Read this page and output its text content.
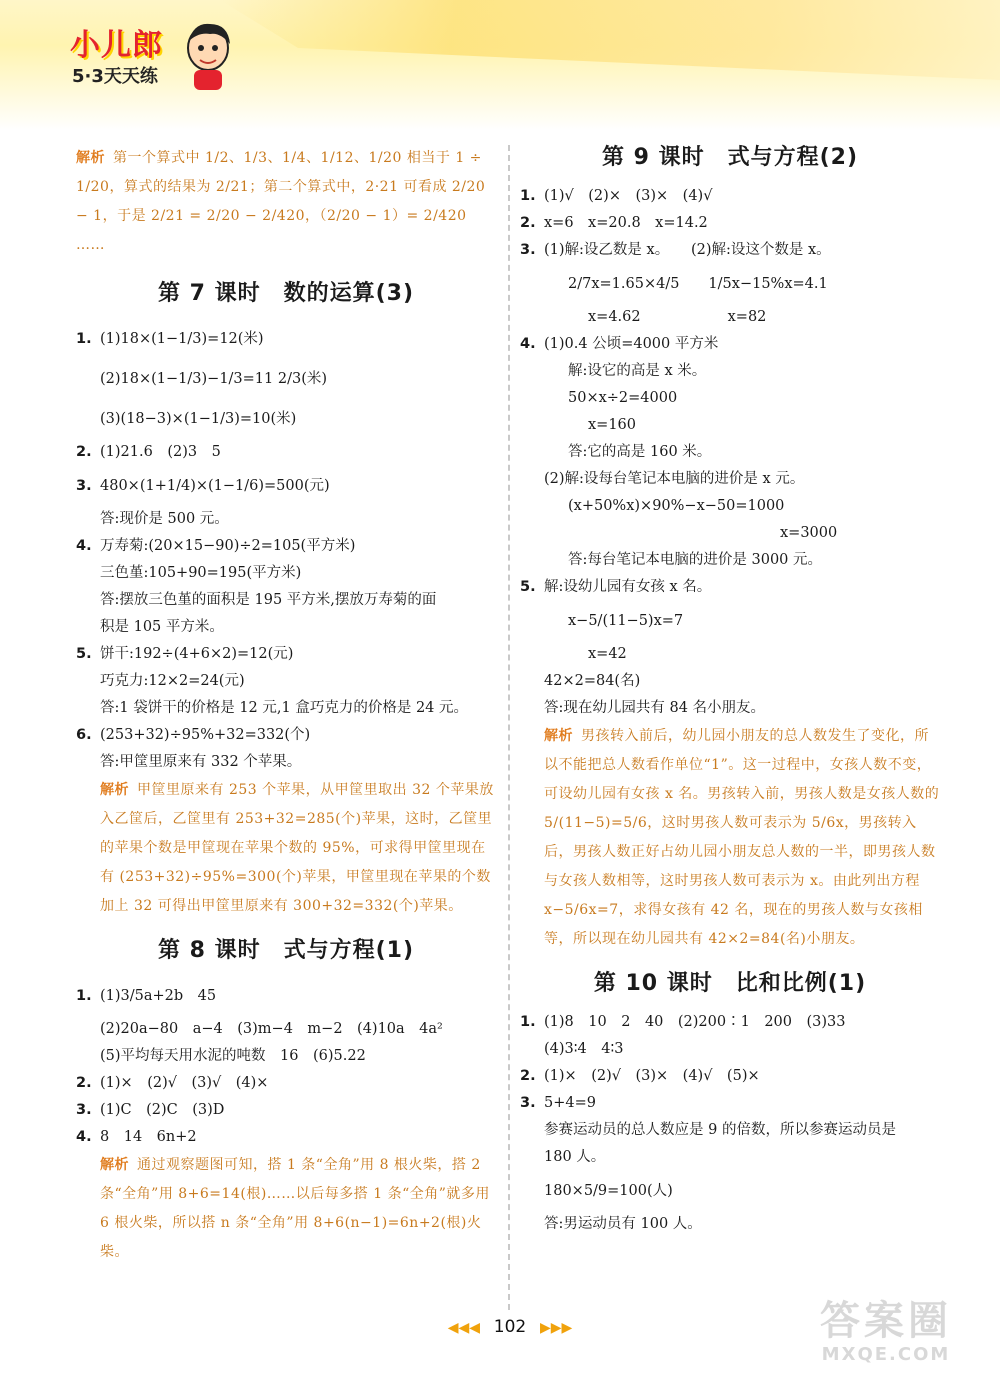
小儿郎
5·3天天练
解析 第一个算式中 1/2、1/3、1/4、1/12、1/20 相当于 1 ÷ 1/20，算式的结果为 2/21；第二个算式中，2·21 可看成 2/20 − 1，于是 2/21 = 2/20 − 2/420，（2/20 − 1）= 2/420 ……
第 7 课时　数的运算(3)
1. (1)18×(1−1/3)=12(米)
(2)18×(1−1/3)−1/3=11 2/3(米)
(3)(18−3)×(1−1/3)=10(米)
2. (1)21.6　(2)3　5
3. 480×(1+1/4)×(1−1/6)=500(元)
答:现价是 500 元。
4. 万寿菊:(20×15−90)÷2=105(平方米)
三色堇:105+90=195(平方米)
答:摆放三色堇的面积是 195 平方米,摆放万寿菊的面
积是 105 平方米。
5. 饼干:192÷(4+6×2)=12(元)
巧克力:12×2=24(元)
答:1 袋饼干的价格是 12 元,1 盒巧克力的价格是 24 元。
6. (253+32)÷95%+32=332(个)
答:甲筐里原来有 332 个苹果。
解析 甲筐里原来有 253 个苹果，从甲筐里取出 32 个苹果放入乙筐后，乙筐里有 253+32=285(个)苹果，这时，乙筐里的苹果个数是甲筐现在苹果个数的 95%，可求得甲筐里现在有 (253+32)÷95%=300(个)苹果，甲筐里现在苹果的个数加上 32 可得出甲筐里原来有 300+32=332(个)苹果。
第 8 课时　式与方程(1)
1. (1)3/5a+2b　45
(2)20a−80　a−4　(3)m−4　m−2　(4)10a　4a²
(5)平均每天用水泥的吨数　16　(6)5.22
2. (1)×　(2)√　(3)√　(4)×
3. (1)C　(2)C　(3)D
4. 8　14　6n+2
解析 通过观察题图可知，搭 1 条“全角”用 8 根火柴，搭 2 条“全角”用 8+6=14(根)……以后每多搭 1 条“全角”就多用 6 根火柴，所以搭 n 条“全角”用 8+6(n−1)=6n+2(根)火柴。
第 9 课时　式与方程(2)
1. (1)√　(2)×　(3)×　(4)√
2. x=6　x=20.8　x=14.2
3. (1)解:设乙数是 x。　　(2)解:设这个数是 x。
2/7x=1.65×4/5　　1/5x−15%x=4.1
x=4.62　　　　　　x=82
4. (1)0.4 公顷=4000 平方米
解:设它的高是 x 米。
50×x÷2=4000
x=160
答:它的高是 160 米。
(2)解:设每台笔记本电脑的进价是 x 元。
(x+50%x)×90%−x−50=1000
x=3000
答:每台笔记本电脑的进价是 3000 元。
5. 解:设幼儿园有女孩 x 名。
x−5/(11−5)x=7
x=42
42×2=84(名)
答:现在幼儿园共有 84 名小朋友。
解析 男孩转入前后，幼儿园小朋友的总人数发生了变化，所以不能把总人数看作单位“1”。这一过程中，女孩人数不变，可设幼儿园有女孩 x 名。男孩转入前，男孩人数是女孩人数的 5/(11−5)=5/6，这时男孩人数可表示为 5/6x，男孩转入后，男孩人数正好占幼儿园小朋友总人数的一半，即男孩人数与女孩人数相等，这时男孩人数可表示为 x。由此列出方程 x−5/6x=7，求得女孩有 42 名，现在的男孩人数与女孩相等，所以现在幼儿园共有 42×2=84(名)小朋友。
第 10 课时　比和比例(1)
1. (1)8　10　2　40　(2)200∶1　200　(3)33
(4)3∶4　4∶3
2. (1)×　(2)√　(3)×　(4)√　(5)×
3. 5+4=9
参赛运动员的总人数应是 9 的倍数，所以参赛运动员是
180 人。
180×5/9=100(人)
答:男运动员有 100 人。
◀◀◀ 102 ▶▶▶	答案圈
MXQE.COM
